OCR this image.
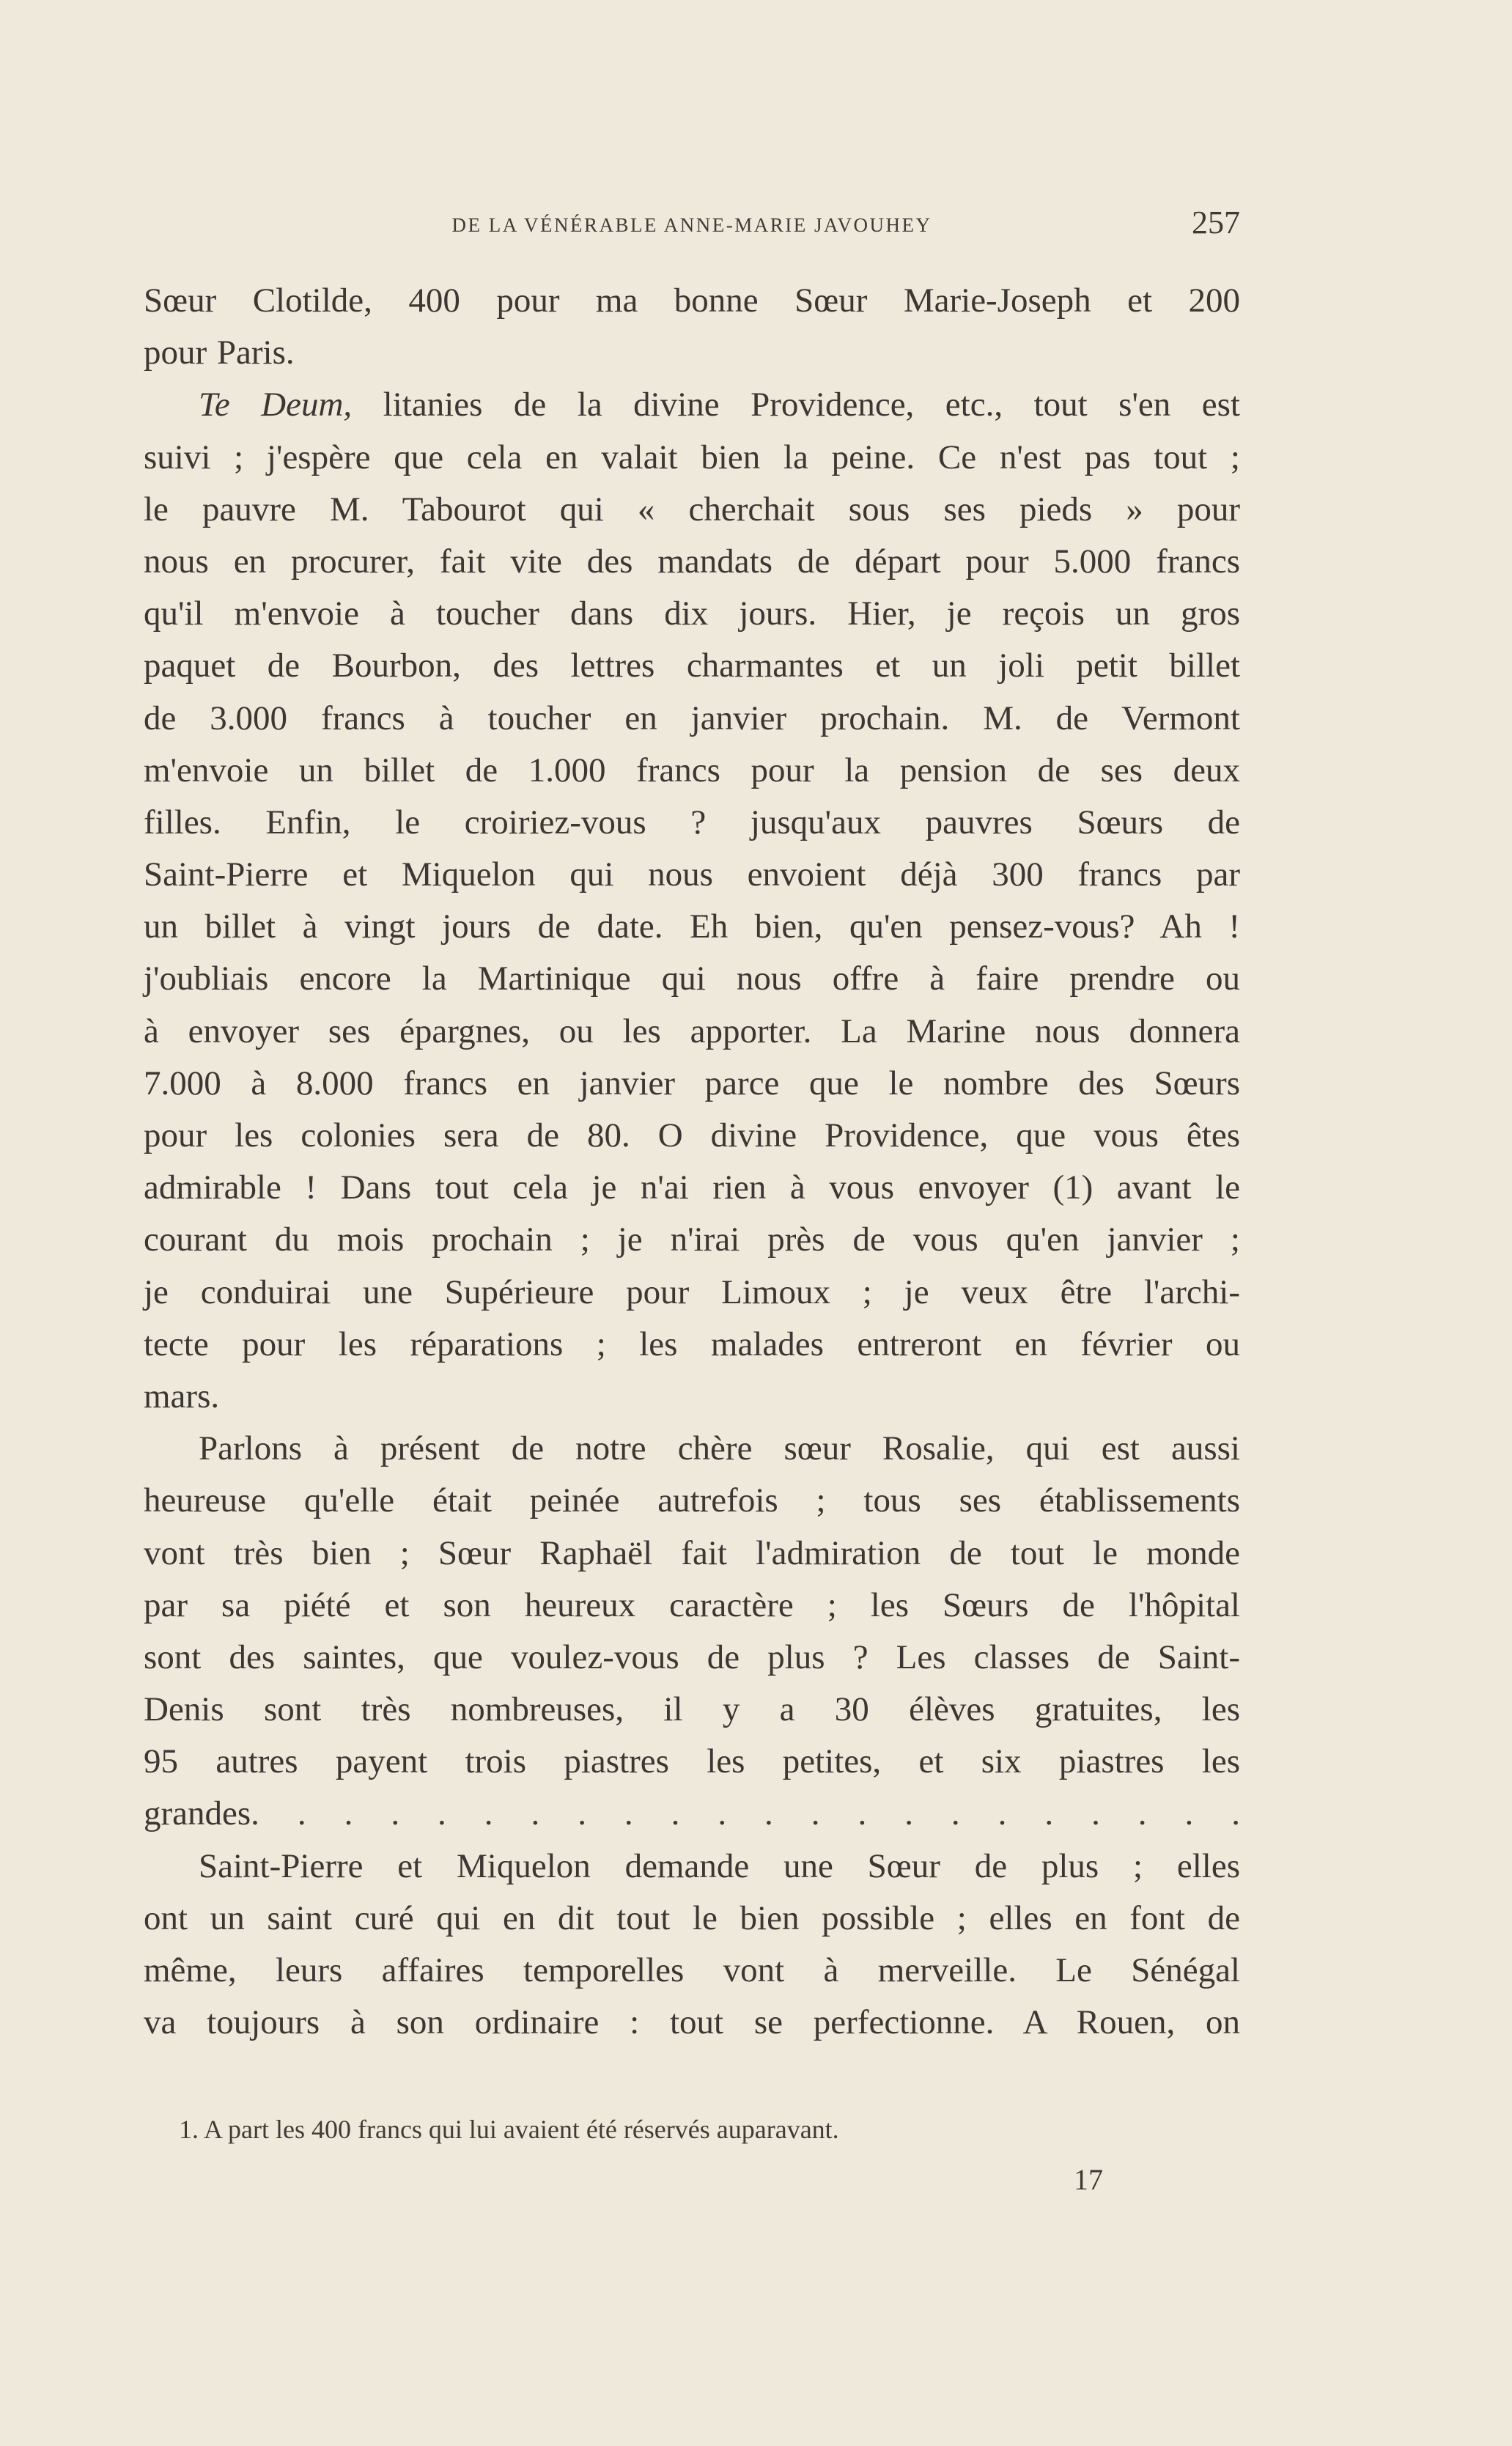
DE LA VÉNÉRABLE ANNE-MARIE JAVOUHEY	257
Sœur Clotilde, 400 pour ma bonne Sœur Marie-Joseph et 200
pour Paris.
Te Deum, litanies de la divine Providence, etc., tout s'en est
suivi ; j'espère que cela en valait bien la peine. Ce n'est pas tout ;
le pauvre M. Tabourot qui « cherchait sous ses pieds » pour
nous en procurer, fait vite des mandats de départ pour 5.000 francs
qu'il m'envoie à toucher dans dix jours. Hier, je reçois un gros
paquet de Bourbon, des lettres charmantes et un joli petit billet
de 3.000 francs à toucher en janvier prochain. M. de Vermont
m'envoie un billet de 1.000 francs pour la pension de ses deux
filles. Enfin, le croiriez-vous ? jusqu'aux pauvres Sœurs de
Saint-Pierre et Miquelon qui nous envoient déjà 300 francs par
un billet à vingt jours de date. Eh bien, qu'en pensez-vous? Ah !
j'oubliais encore la Martinique qui nous offre à faire prendre ou
à envoyer ses épargnes, ou les apporter. La Marine nous donnera
7.000 à 8.000 francs en janvier parce que le nombre des Sœurs
pour les colonies sera de 80. O divine Providence, que vous êtes
admirable ! Dans tout cela je n'ai rien à vous envoyer (1) avant le
courant du mois prochain ; je n'irai près de vous qu'en janvier ;
je conduirai une Supérieure pour Limoux ; je veux être l'archi-
tecte pour les réparations ; les malades entreront en février ou
mars.
Parlons à présent de notre chère sœur Rosalie, qui est aussi
heureuse qu'elle était peinée autrefois ; tous ses établissements
vont très bien ; Sœur Raphaël fait l'admiration de tout le monde
par sa piété et son heureux caractère ; les Sœurs de l'hôpital
sont des saintes, que voulez-vous de plus ? Les classes de Saint-
Denis sont très nombreuses, il y a 30 élèves gratuites, les
95 autres payent trois piastres les petites, et six piastres les
grandes. . . . . . . . . . . . . . . . . . . . . .
Saint-Pierre et Miquelon demande une Sœur de plus ; elles
ont un saint curé qui en dit tout le bien possible ; elles en font de
même, leurs affaires temporelles vont à merveille. Le Sénégal
va toujours à son ordinaire : tout se perfectionne. A Rouen, on
1. A part les 400 francs qui lui avaient été réservés auparavant.
17
